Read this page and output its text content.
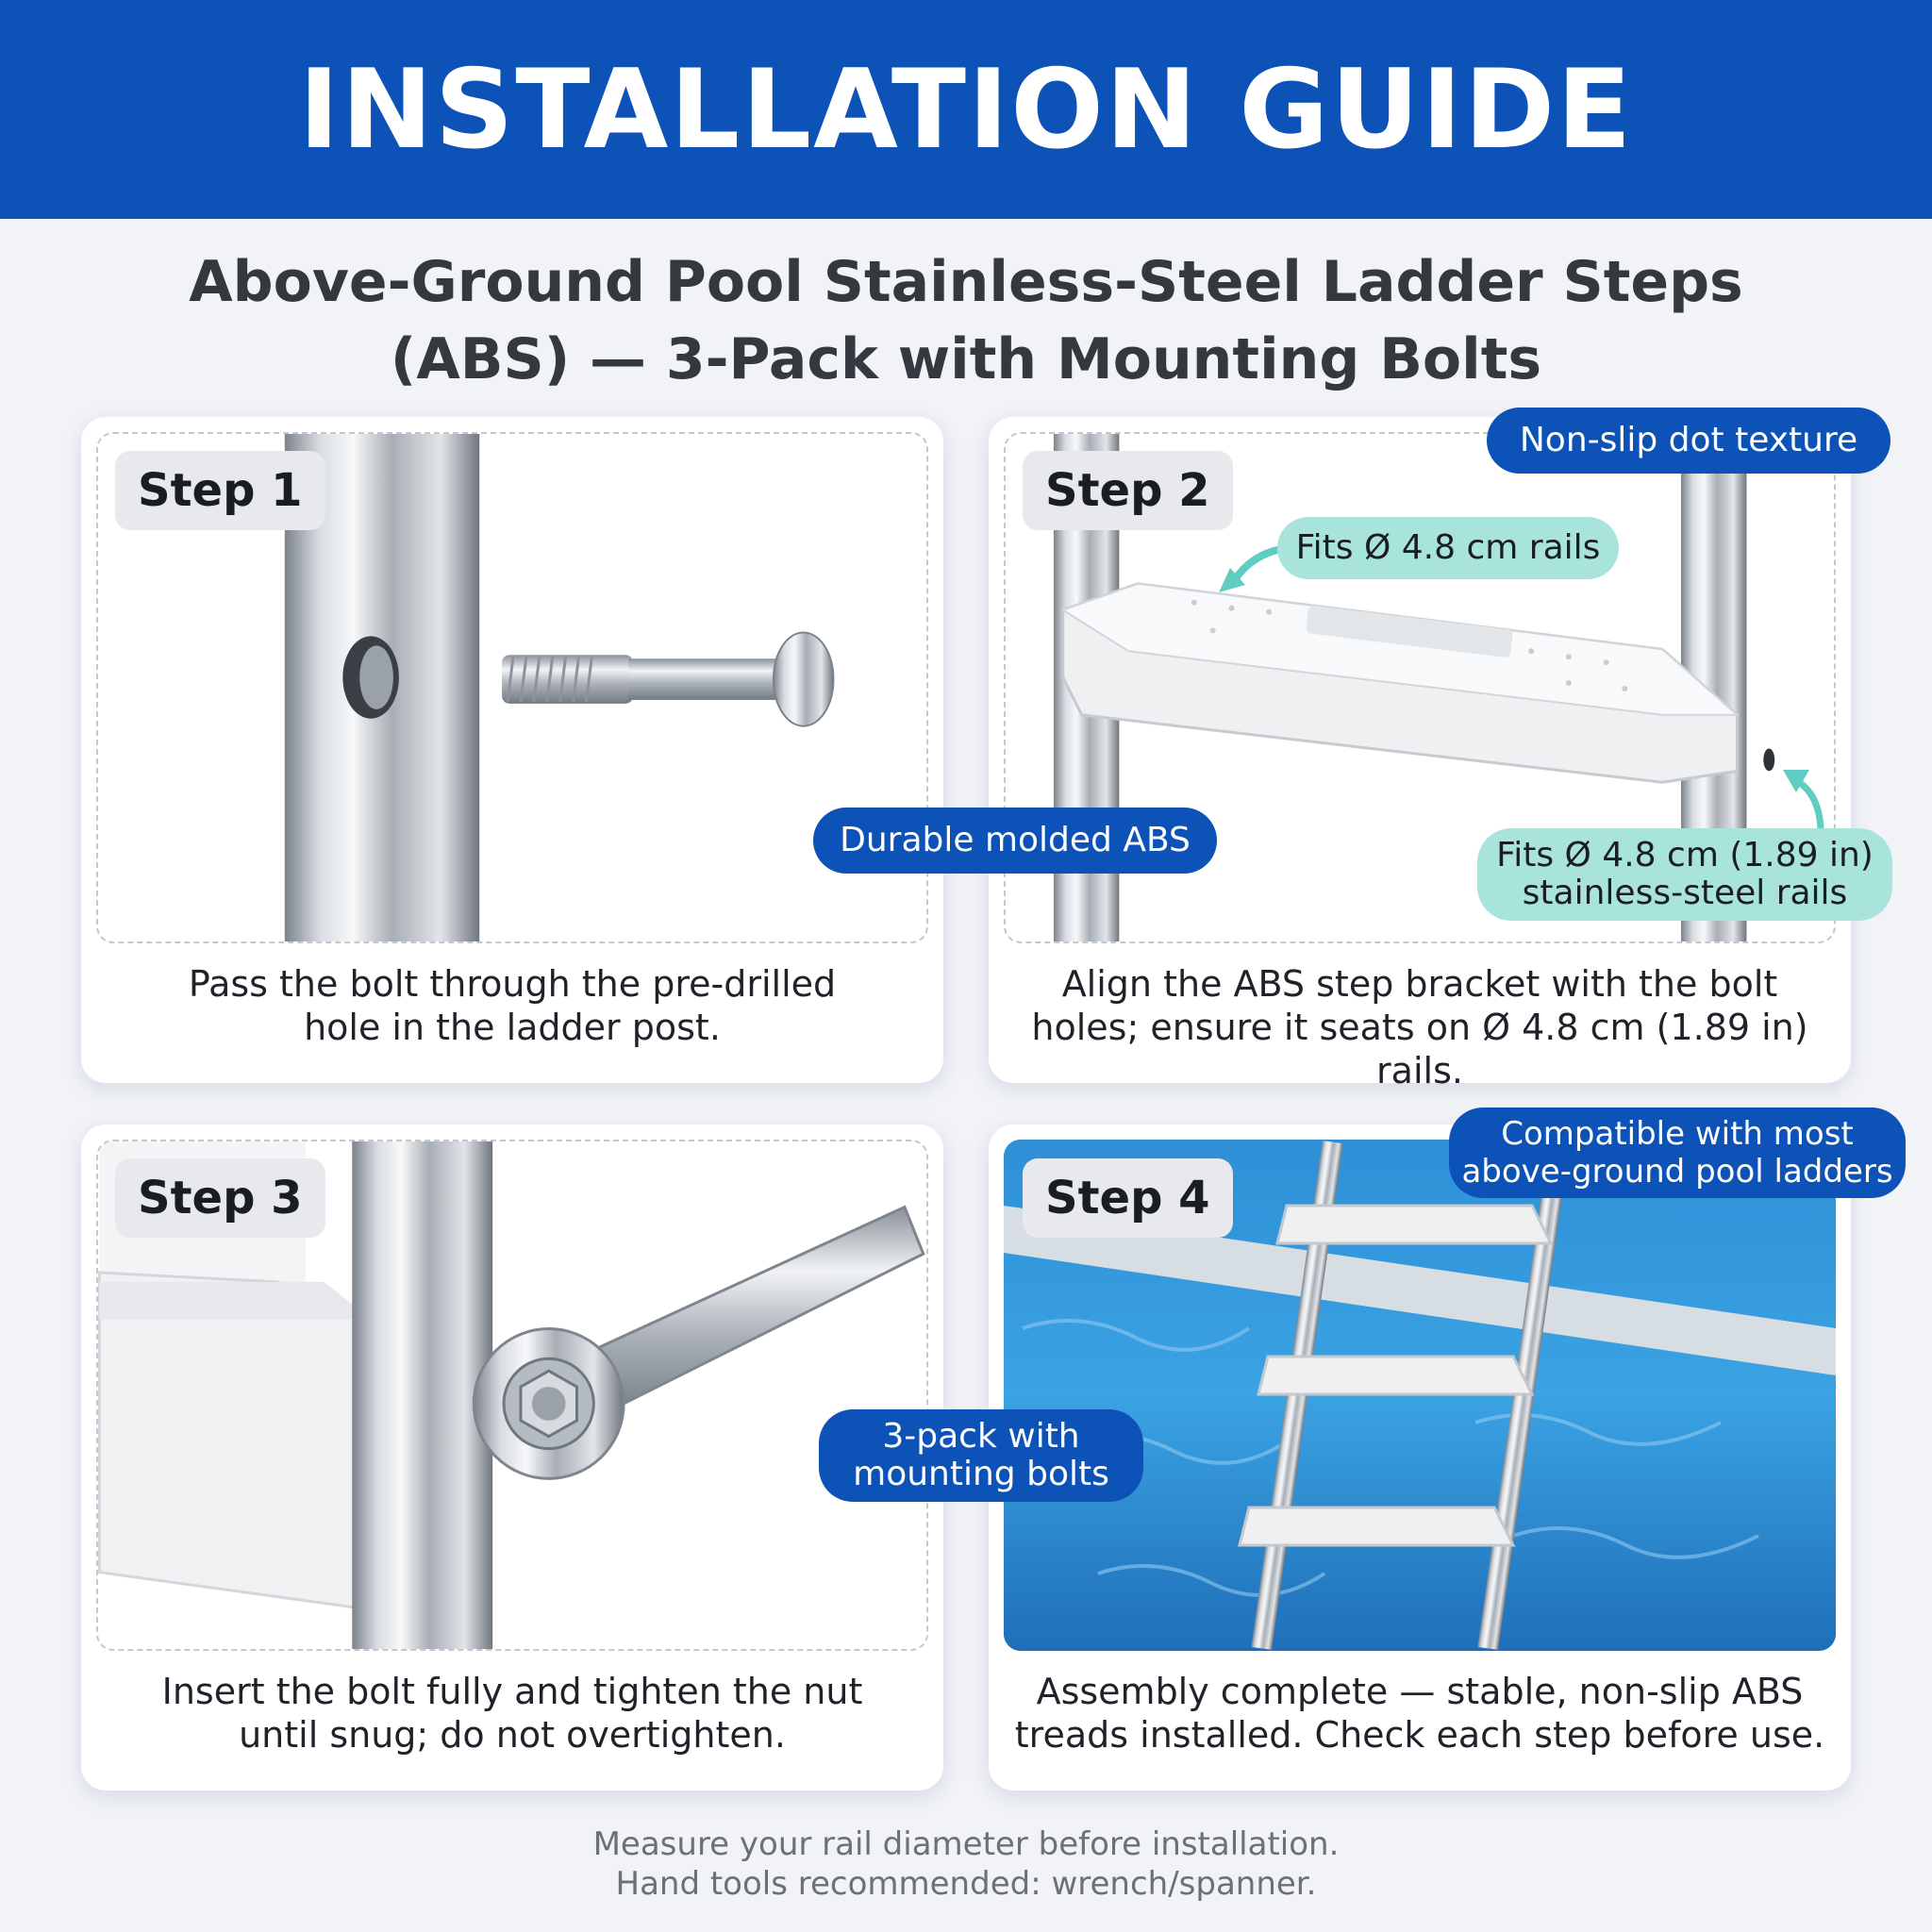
INSTALLATION GUIDE
Above-Ground Pool Stainless-Steel Ladder Steps
(ABS) — 3-Pack with Mounting Bolts
Step 1
Pass the bolt through the pre-drilled
hole in the ladder post.
Step 2
Align the ABS step bracket with the bolt
holes; ensure it seats on Ø 4.8 cm (1.89 in) rails.
Step 3
Insert the bolt fully and tighten the nut
until snug; do not overtighten.
Step 4
Assembly complete — stable, non-slip ABS
treads installed. Check each step before use.
Non-slip dot texture
Fits Ø 4.8 cm rails
Durable molded ABS	Fits Ø 4.8 cm (1.89 in)
stainless-steel rails
3-pack with
mounting bolts
Compatible with most
above-ground pool ladders
Measure your rail diameter before installation.
Hand tools recommended: wrench/spanner.
